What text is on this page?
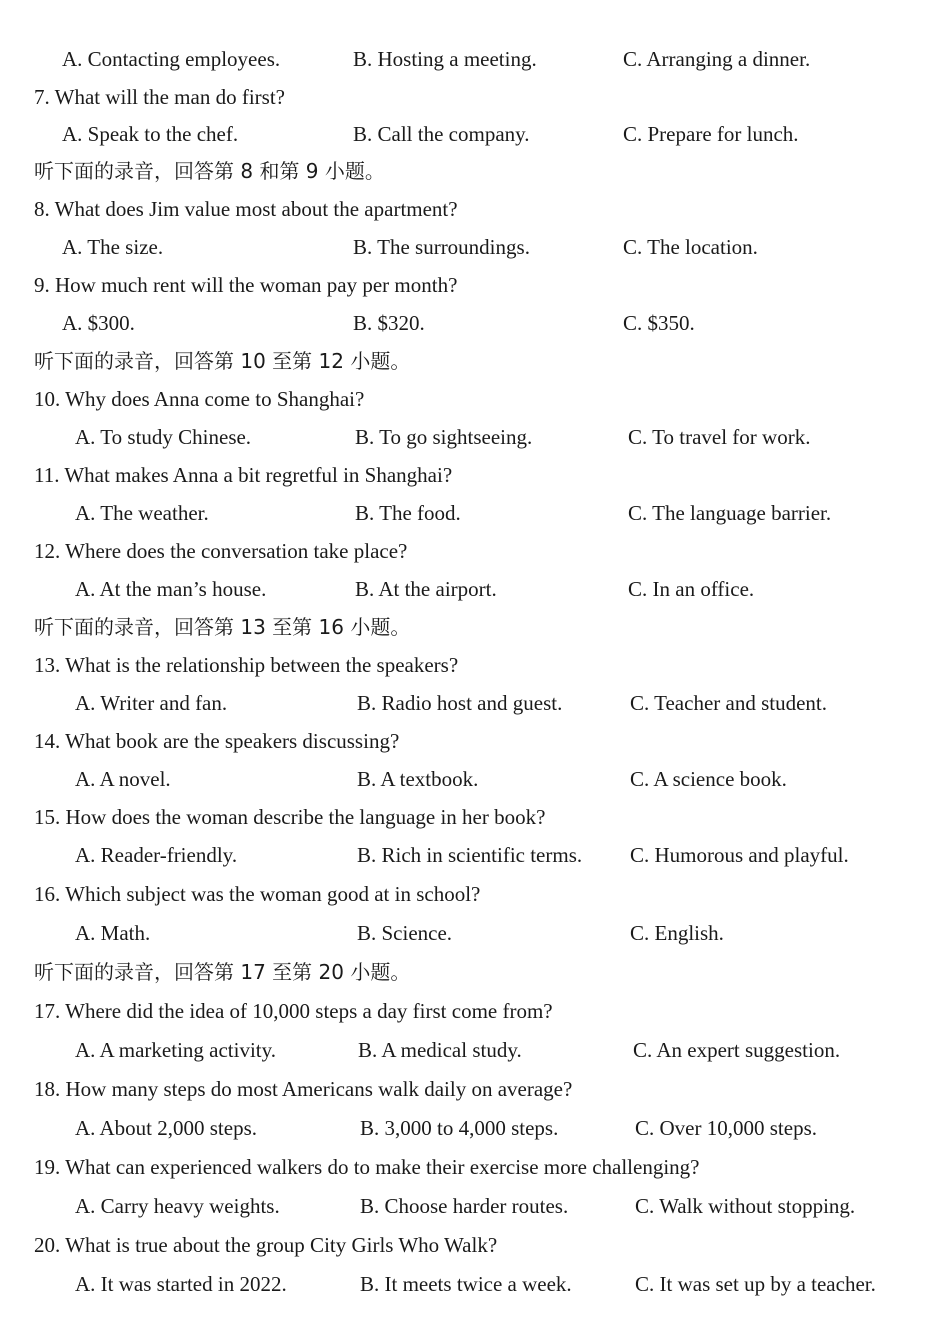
A. Contacting employees.	B. Hosting a meeting.	C. Arranging a dinner.
7. What will the man do first?
A. Speak to the chef.	B. Call the company.	C. Prepare for lunch.
听下面的录音，回答第 8 和第 9 小题。
8. What does Jim value most about the apartment?
A. The size.	B. The surroundings.	C. The location.
9. How much rent will the woman pay per month?
A. $300.	B. $320.	C. $350.
听下面的录音，回答第 10 至第 12 小题。
10. Why does Anna come to Shanghai?
A. To study Chinese.	B. To go sightseeing.	C. To travel for work.
11. What makes Anna a bit regretful in Shanghai?
A. The weather.	B. The food.	C. The language barrier.
12. Where does the conversation take place?
A. At the man’s house.	B. At the airport.	C. In an office.
听下面的录音，回答第 13 至第 16 小题。
13. What is the relationship between the speakers?
A. Writer and fan.	B. Radio host and guest.	C. Teacher and student.
14. What book are the speakers discussing?
A. A novel.	B. A textbook.	C. A science book.
15. How does the woman describe the language in her book?
A. Reader-friendly.	B. Rich in scientific terms. C. Humorous and playful.
16. Which subject was the woman good at in school?
A. Math.	B. Science.	C. English.
听下面的录音，回答第 17 至第 20 小题。
17. Where did the idea of 10,000 steps a day first come from?
A. A marketing activity.	B. A medical study.	C. An expert suggestion.
18. How many steps do most Americans walk daily on average?
A. About 2,000 steps.	B. 3,000 to 4,000 steps.	C. Over 10,000 steps.
19. What can experienced walkers do to make their exercise more challenging?
A. Carry heavy weights.	B. Choose harder routes.	C. Walk without stopping.
20. What is true about the group City Girls Who Walk?
A. It was started in 2022.	B. It meets twice a week.	C. It was set up by a teacher.
